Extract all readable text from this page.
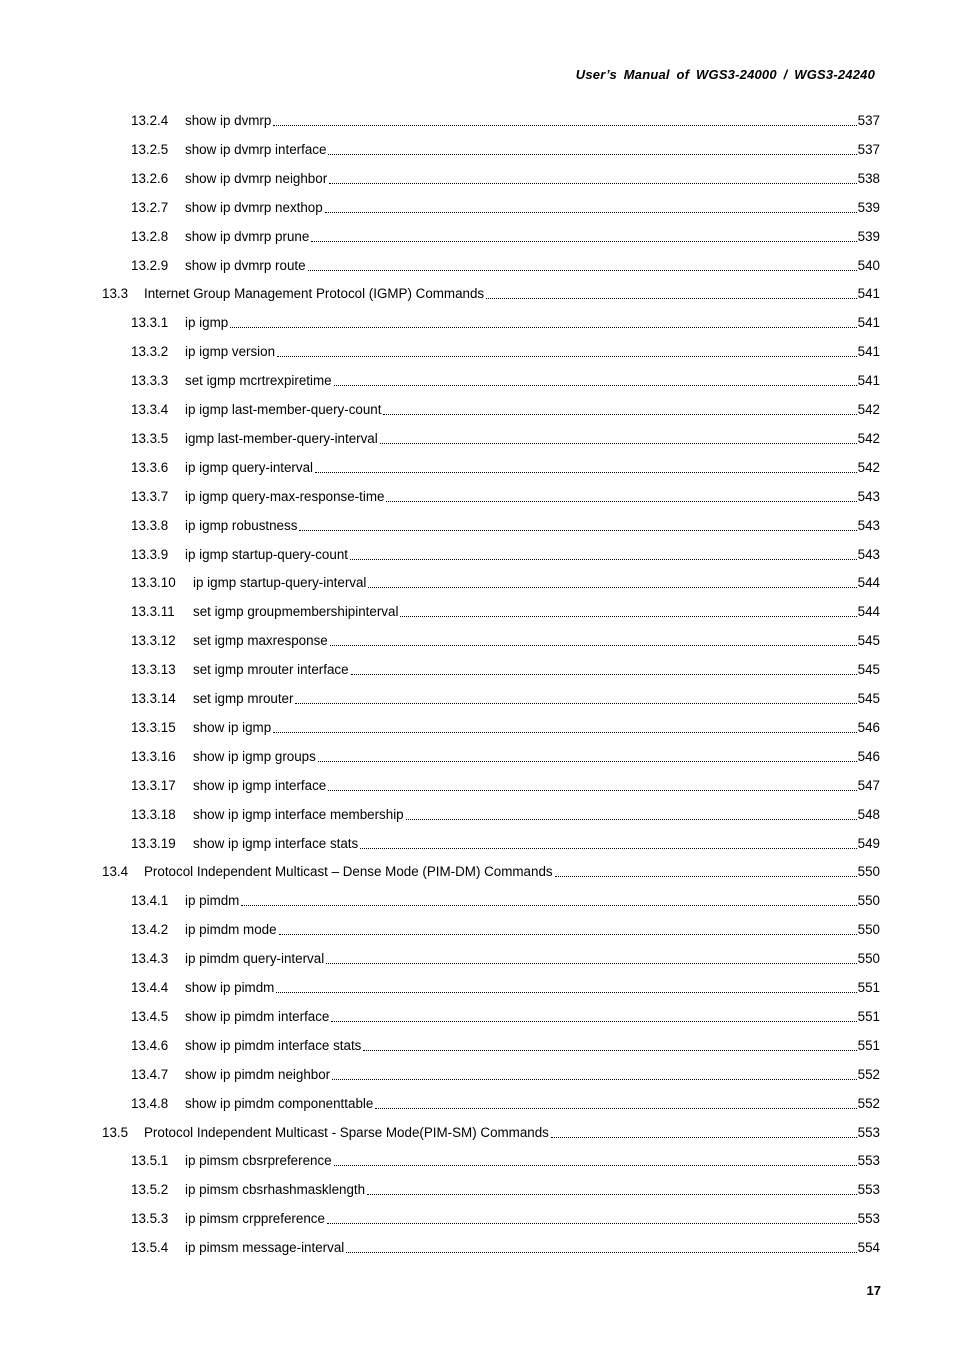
User’s Manual of WGS3-24000 / WGS3-24240
13.2.4	show ip dvmrp	537
13.2.5	show ip dvmrp interface	537
13.2.6	show ip dvmrp neighbor	538
13.2.7	show ip dvmrp nexthop	539
13.2.8	show ip dvmrp prune	539
13.2.9	show ip dvmrp route	540
13.3	Internet Group Management Protocol (IGMP) Commands	541
13.3.1	ip igmp	541
13.3.2	ip igmp version	541
13.3.3	set igmp mcrtrexpiretime	541
13.3.4	ip igmp last-member-query-count	542
13.3.5	igmp last-member-query-interval	542
13.3.6	ip igmp query-interval	542
13.3.7	ip igmp query-max-response-time	543
13.3.8	ip igmp robustness	543
13.3.9	ip igmp startup-query-count	543
13.3.10	ip igmp startup-query-interval	544
13.3.11	set igmp groupmembershipinterval	544
13.3.12	set igmp maxresponse	545
13.3.13	set igmp mrouter interface	545
13.3.14	set igmp mrouter	545
13.3.15	show ip igmp	546
13.3.16	show ip igmp groups	546
13.3.17	show ip igmp interface	547
13.3.18	show ip igmp interface membership	548
13.3.19	show ip igmp interface stats	549
13.4	Protocol Independent Multicast – Dense Mode (PIM-DM) Commands	550
13.4.1	ip pimdm	550
13.4.2	ip pimdm mode	550
13.4.3	ip pimdm query-interval	550
13.4.4	show ip pimdm	551
13.4.5	show ip pimdm interface	551
13.4.6	show ip pimdm interface stats	551
13.4.7	show ip pimdm neighbor	552
13.4.8	show ip pimdm componenttable	552
13.5	Protocol Independent Multicast - Sparse Mode(PIM-SM) Commands	553
13.5.1	ip pimsm cbsrpreference	553
13.5.2	ip pimsm cbsrhashmasklength	553
13.5.3	ip pimsm crppreference	553
13.5.4	ip pimsm message-interval	554
17
